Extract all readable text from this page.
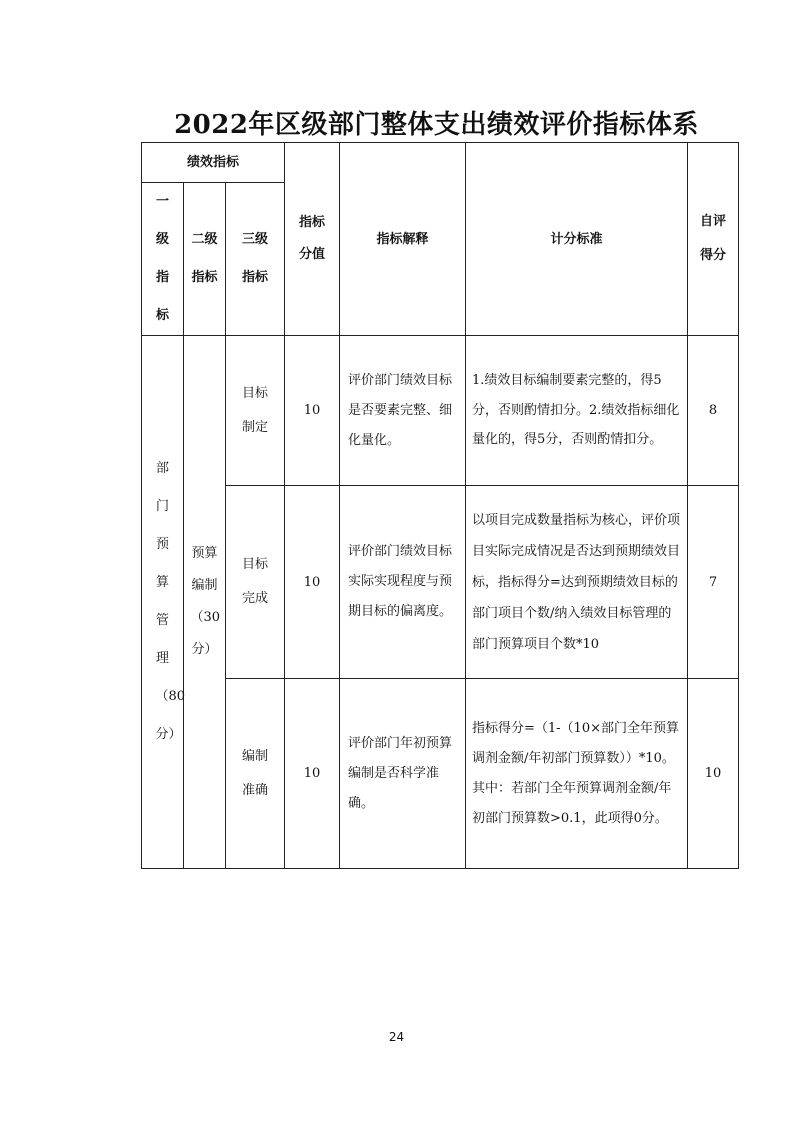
2022年区级部门整体支出绩效评价指标体系
绩效指标			指标分值	指标解释	计分标准	自评得分

一级指标	二级指标	三级指标				

部门预算管理（80分）	预算编制（30分）	目标制定	10	评价部门绩效目标是否要素完整、细化量化。	1.绩效目标编制要素完整的，得5分，否则酌情扣分。2.绩效指标细化量化的，得5分，否则酌情扣分。	8

		目标完成	10	评价部门绩效目标实际实现程度与预期目标的偏离度。	以项目完成数量指标为核心，评价项目实际完成情况是否达到预期绩效目标，指标得分=达到预期绩效目标的部门项目个数/纳入绩效目标管理的部门预算项目个数*10	7

		编制准确	10	评价部门年初预算编制是否科学准确。	指标得分=（1-（10×部门全年预算调剂金额/年初部门预算数））*10。其中：若部门全年预算调剂金额/年初部门预算数>0.1，此项得0分。	10
24
